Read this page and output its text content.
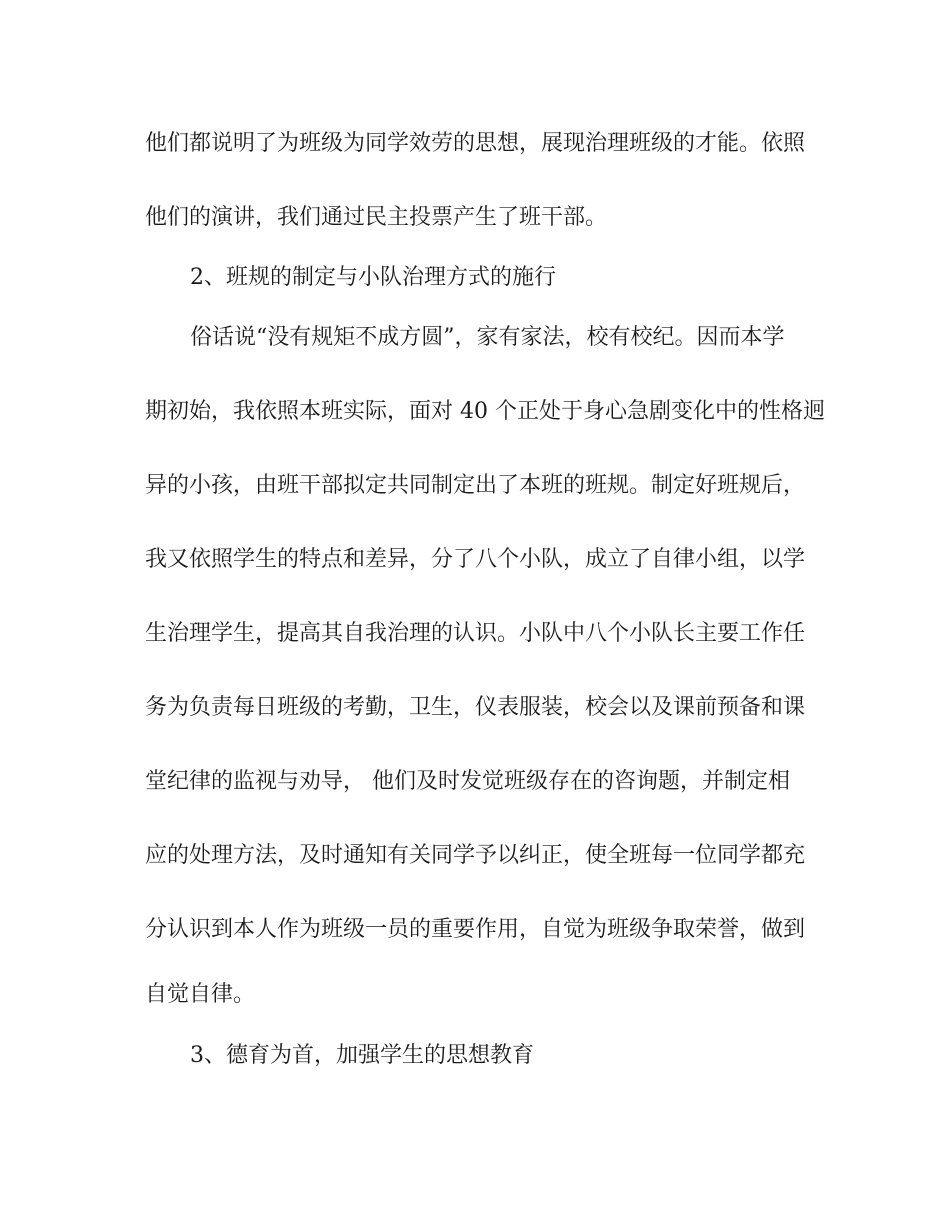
他们都说明了为班级为同学效劳的思想，展现治理班级的才能。依照
他们的演讲，我们通过民主投票产生了班干部。
2、班规的制定与小队治理方式的施行
俗话说“没有规矩不成方圆”，家有家法，校有校纪。因而本学
期初始，我依照本班实际，面对 40 个正处于身心急剧变化中的性格迥
异的小孩，由班干部拟定共同制定出了本班的班规。制定好班规后，
我又依照学生的特点和差异，分了八个小队，成立了自律小组，以学
生治理学生，提高其自我治理的认识。小队中八个小队长主要工作任
务为负责每日班级的考勤，卫生，仪表服装，校会以及课前预备和课
堂纪律的监视与劝导， 他们及时发觉班级存在的咨询题，并制定相
应的处理方法，及时通知有关同学予以纠正，使全班每一位同学都充
分认识到本人作为班级一员的重要作用，自觉为班级争取荣誉，做到
自觉自律。
3、德育为首，加强学生的思想教育
